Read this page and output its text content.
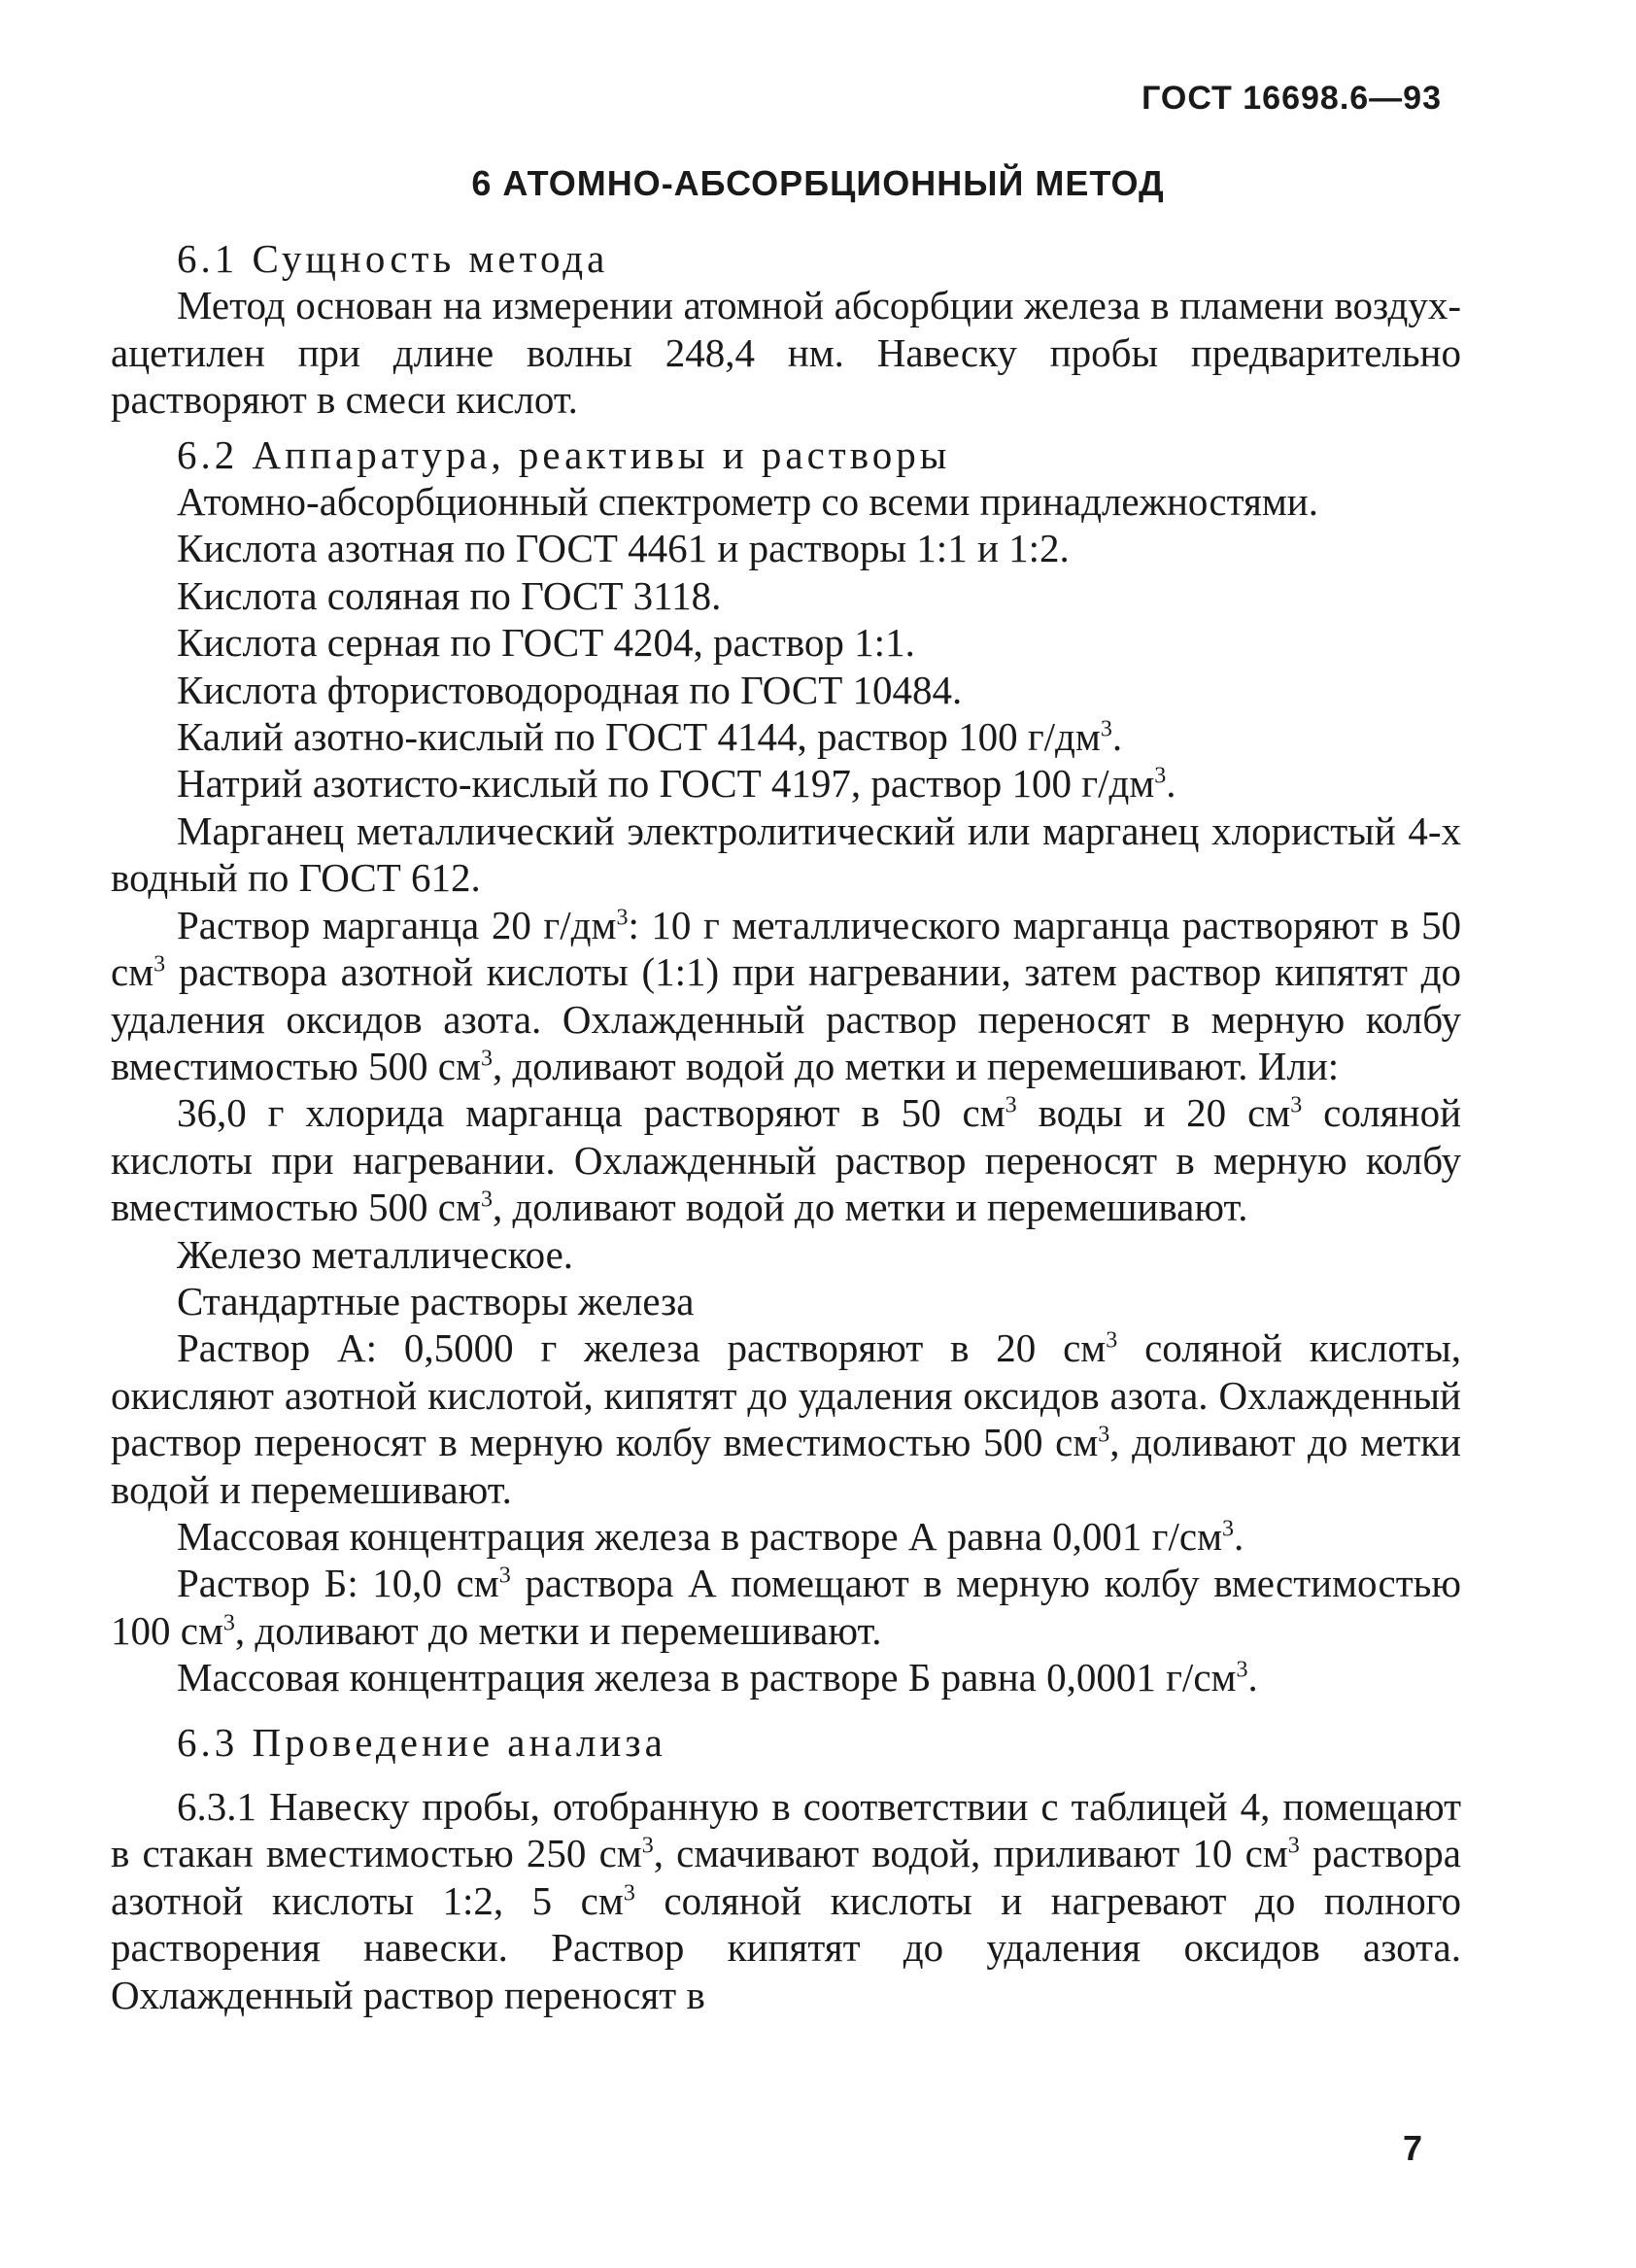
ГОСТ 16698.6—93
6 АТОМНО-АБСОРБЦИОННЫЙ МЕТОД

6.1 Сущность метода

Метод основан на измерении атомной абсорбции железа в пламени воздух-ацетилен при длине волны 248,4 нм. Навеску пробы предварительно растворяют в смеси кислот.

6.2 Аппаратура, реактивы и растворы

Атомно-абсорбционный спектрометр со всеми принадлежностями.

Кислота азотная по ГОСТ 4461 и растворы 1:1 и 1:2.

Кислота соляная по ГОСТ 3118.

Кислота серная по ГОСТ 4204, раствор 1:1.

Кислота фтористоводородная по ГОСТ 10484.

Калий азотно-кислый по ГОСТ 4144, раствор 100 $г/дм^3$.

Натрий азотисто-кислый по ГОСТ 4197, раствор 100 $г/дм^3$.

Марганец металлический электролитический или марганец хлористый 4-х водный по ГОСТ 612.

Раствор марганца 20 $г/дм^3$: 10 г металлического марганца растворяют в 50 $см^3$ раствора азотной кислоты (1:1) при нагревании, затем раствор кипятят до удаления оксидов азота. Охлажденный раствор переносят в мерную колбу вместимостью 500 $см^3$, доливают водой до метки и перемешивают. Или:

36,0 г хлорида марганца растворяют в 50 $см^3$ воды и 20 $см^3$ соляной кислоты при нагревании. Охлажденный раствор переносят в мерную колбу вместимостью 500 $см^3$, доливают водой до метки и перемешивают.

Железо металлическое.

Стандартные растворы железа

Раствор А: 0,5000 г железа растворяют в 20 $см^3$ соляной кислоты, окисляют азотной кислотой, кипятят до удаления оксидов азота. Охлажденный раствор переносят в мерную колбу вместимостью 500 $см^3$, доливают до метки водой и перемешивают.

Массовая концентрация железа в растворе А равна 0,001 $г/см^3$.

Раствор Б: 10,0 $см^3$ раствора А помещают в мерную колбу вместимостью 100 $см^3$, доливают до метки и перемешивают.

Массовая концентрация железа в растворе Б равна 0,0001 $г/см^3$.

6.3 Проведение анализа

6.3.1 Навеску пробы, отобранную в соответствии с таблицей 4, помещают в стакан вместимостью 250 $см^3$, смачивают водой, приливают 10 $см^3$ раствора азотной кислоты 1:2, 5 $см^3$ соляной кислоты и нагревают до полного растворения навески. Раствор кипятят до удаления оксидов азота. Охлажденный раствор переносят в

7
